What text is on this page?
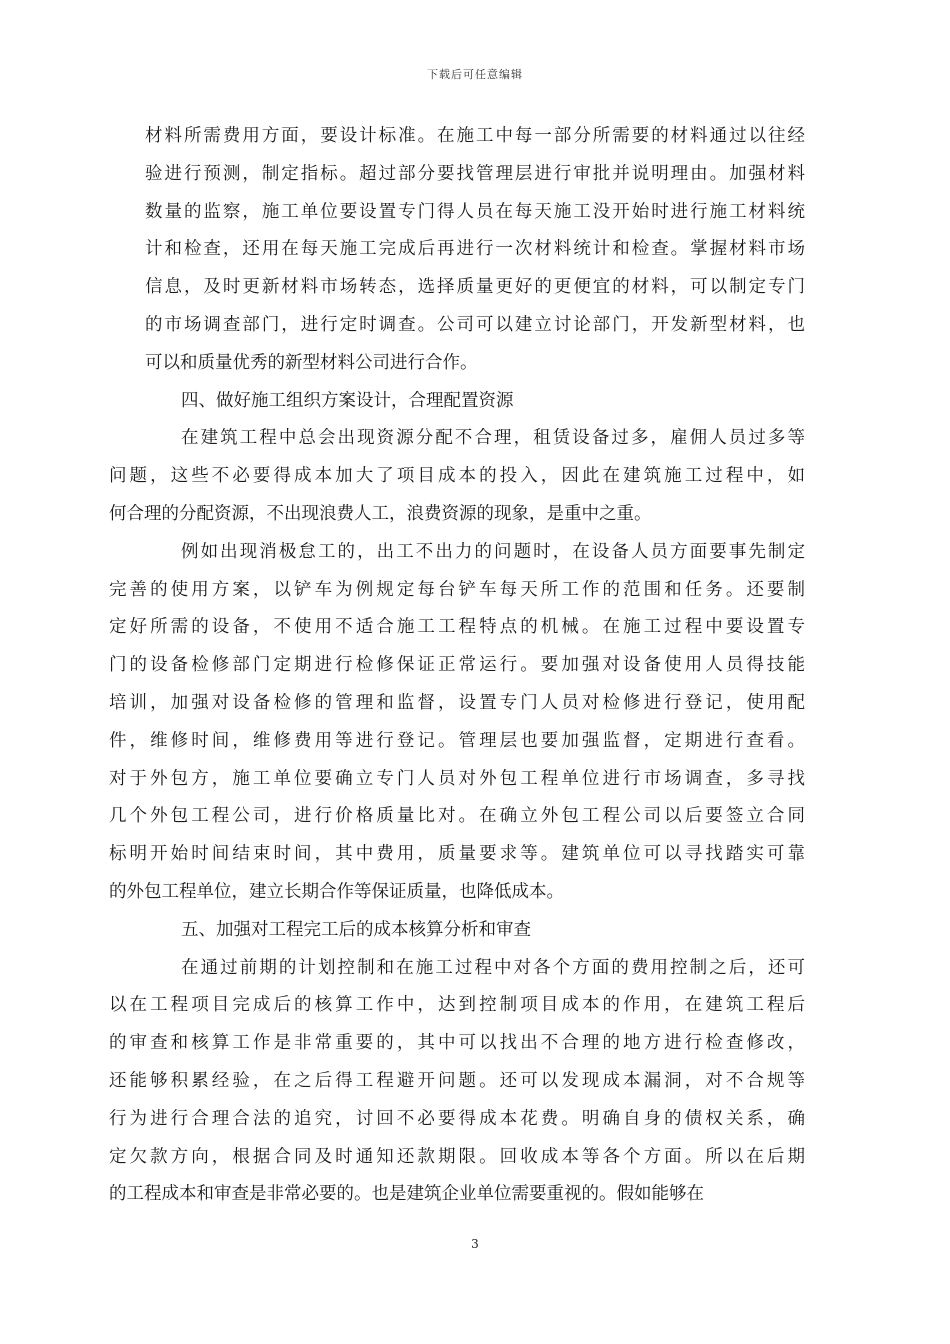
下载后可任意编辑
材料所需费用方面，要设计标准。在施工中每一部分所需要的材料通过以往经
验进行预测，制定指标。超过部分要找管理层进行审批并说明理由。加强材料
数量的监察，施工单位要设置专门得人员在每天施工没开始时进行施工材料统
计和检查，还用在每天施工完成后再进行一次材料统计和检查。掌握材料市场
信息，及时更新材料市场转态，选择质量更好的更便宜的材料，可以制定专门
的市场调查部门，进行定时调查。公司可以建立讨论部门，开发新型材料，也
可以和质量优秀的新型材料公司进行合作。
四、做好施工组织方案设计，合理配置资源
在建筑工程中总会出现资源分配不合理，租赁设备过多，雇佣人员过多等
问题，这些不必要得成本加大了项目成本的投入，因此在建筑施工过程中，如
何合理的分配资源，不出现浪费人工，浪费资源的现象，是重中之重。
例如出现消极怠工的，出工不出力的问题时，在设备人员方面要事先制定
完善的使用方案，以铲车为例规定每台铲车每天所工作的范围和任务。还要制
定好所需的设备，不使用不适合施工工程特点的机械。在施工过程中要设置专
门的设备检修部门定期进行检修保证正常运行。要加强对设备使用人员得技能
培训，加强对设备检修的管理和监督，设置专门人员对检修进行登记，使用配
件，维修时间，维修费用等进行登记。管理层也要加强监督，定期进行查看。
对于外包方，施工单位要确立专门人员对外包工程单位进行市场调查，多寻找
几个外包工程公司，进行价格质量比对。在确立外包工程公司以后要签立合同
标明开始时间结束时间，其中费用，质量要求等。建筑单位可以寻找踏实可靠
的外包工程单位，建立长期合作等保证质量，也降低成本。
五、加强对工程完工后的成本核算分析和审查
在通过前期的计划控制和在施工过程中对各个方面的费用控制之后，还可
以在工程项目完成后的核算工作中，达到控制项目成本的作用，在建筑工程后
的审查和核算工作是非常重要的，其中可以找出不合理的地方进行检查修改，
还能够积累经验，在之后得工程避开问题。还可以发现成本漏洞，对不合规等
行为进行合理合法的追究，讨回不必要得成本花费。明确自身的债权关系，确
定欠款方向，根据合同及时通知还款期限。回收成本等各个方面。所以在后期
的工程成本和审查是非常必要的。也是建筑企业单位需要重视的。假如能够在
3
